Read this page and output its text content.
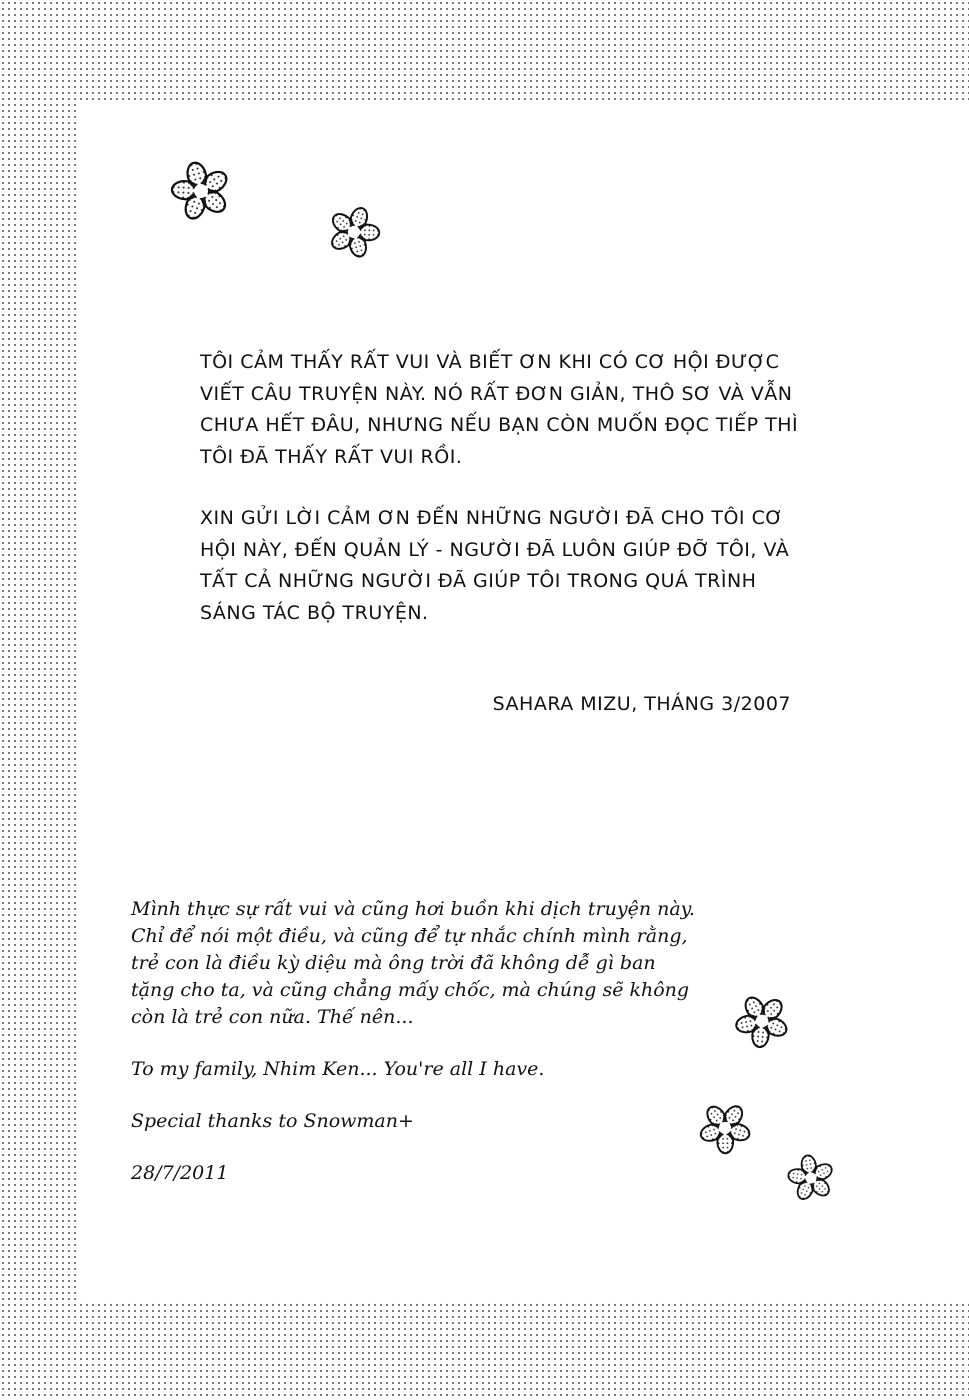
TÔI CẢM THẤY RẤT VUI VÀ BIẾT ƠN KHI CÓ CƠ HỘI ĐƯỢC VIẾT CÂU TRUYỆN NÀY. NÓ RẤT ĐƠN GIẢN, THÔ SƠ VÀ VẪN CHƯA HẾT ĐÂU, NHƯNG NẾU BẠN CÒN MUỐN ĐỌC TIẾP THÌ TÔI ĐÃ THẤY RẤT VUI RỒI.

XIN GỬI LỜI CẢM ƠN ĐẾN NHỮNG NGƯỜI ĐÃ CHO TÔI CƠ HỘI NÀY, ĐẾN QUẢN LÝ - NGƯỜI ĐÃ LUÔN GIÚP ĐỠ TÔI, VÀ TẤT CẢ NHỮNG NGƯỜI ĐÃ GIÚP TÔI TRONG QUÁ TRÌNH SÁNG TÁC BỘ TRUYỆN.

SAHARA MIZU, THÁNG 3/2007

Mình thực sự rất vui và cũng hơi buồn khi dịch truyện này. Chỉ để nói một điều, và cũng để tự nhắc chính mình rằng, trẻ con là điều kỳ diệu mà ông trời đã không dễ gì ban tặng cho ta, và cũng chẳng mấy chốc, mà chúng sẽ không còn là trẻ con nữa. Thế nên...

To my family, Nhim Ken... You're all I have.

Special thanks to Snowman+

28/7/2011
